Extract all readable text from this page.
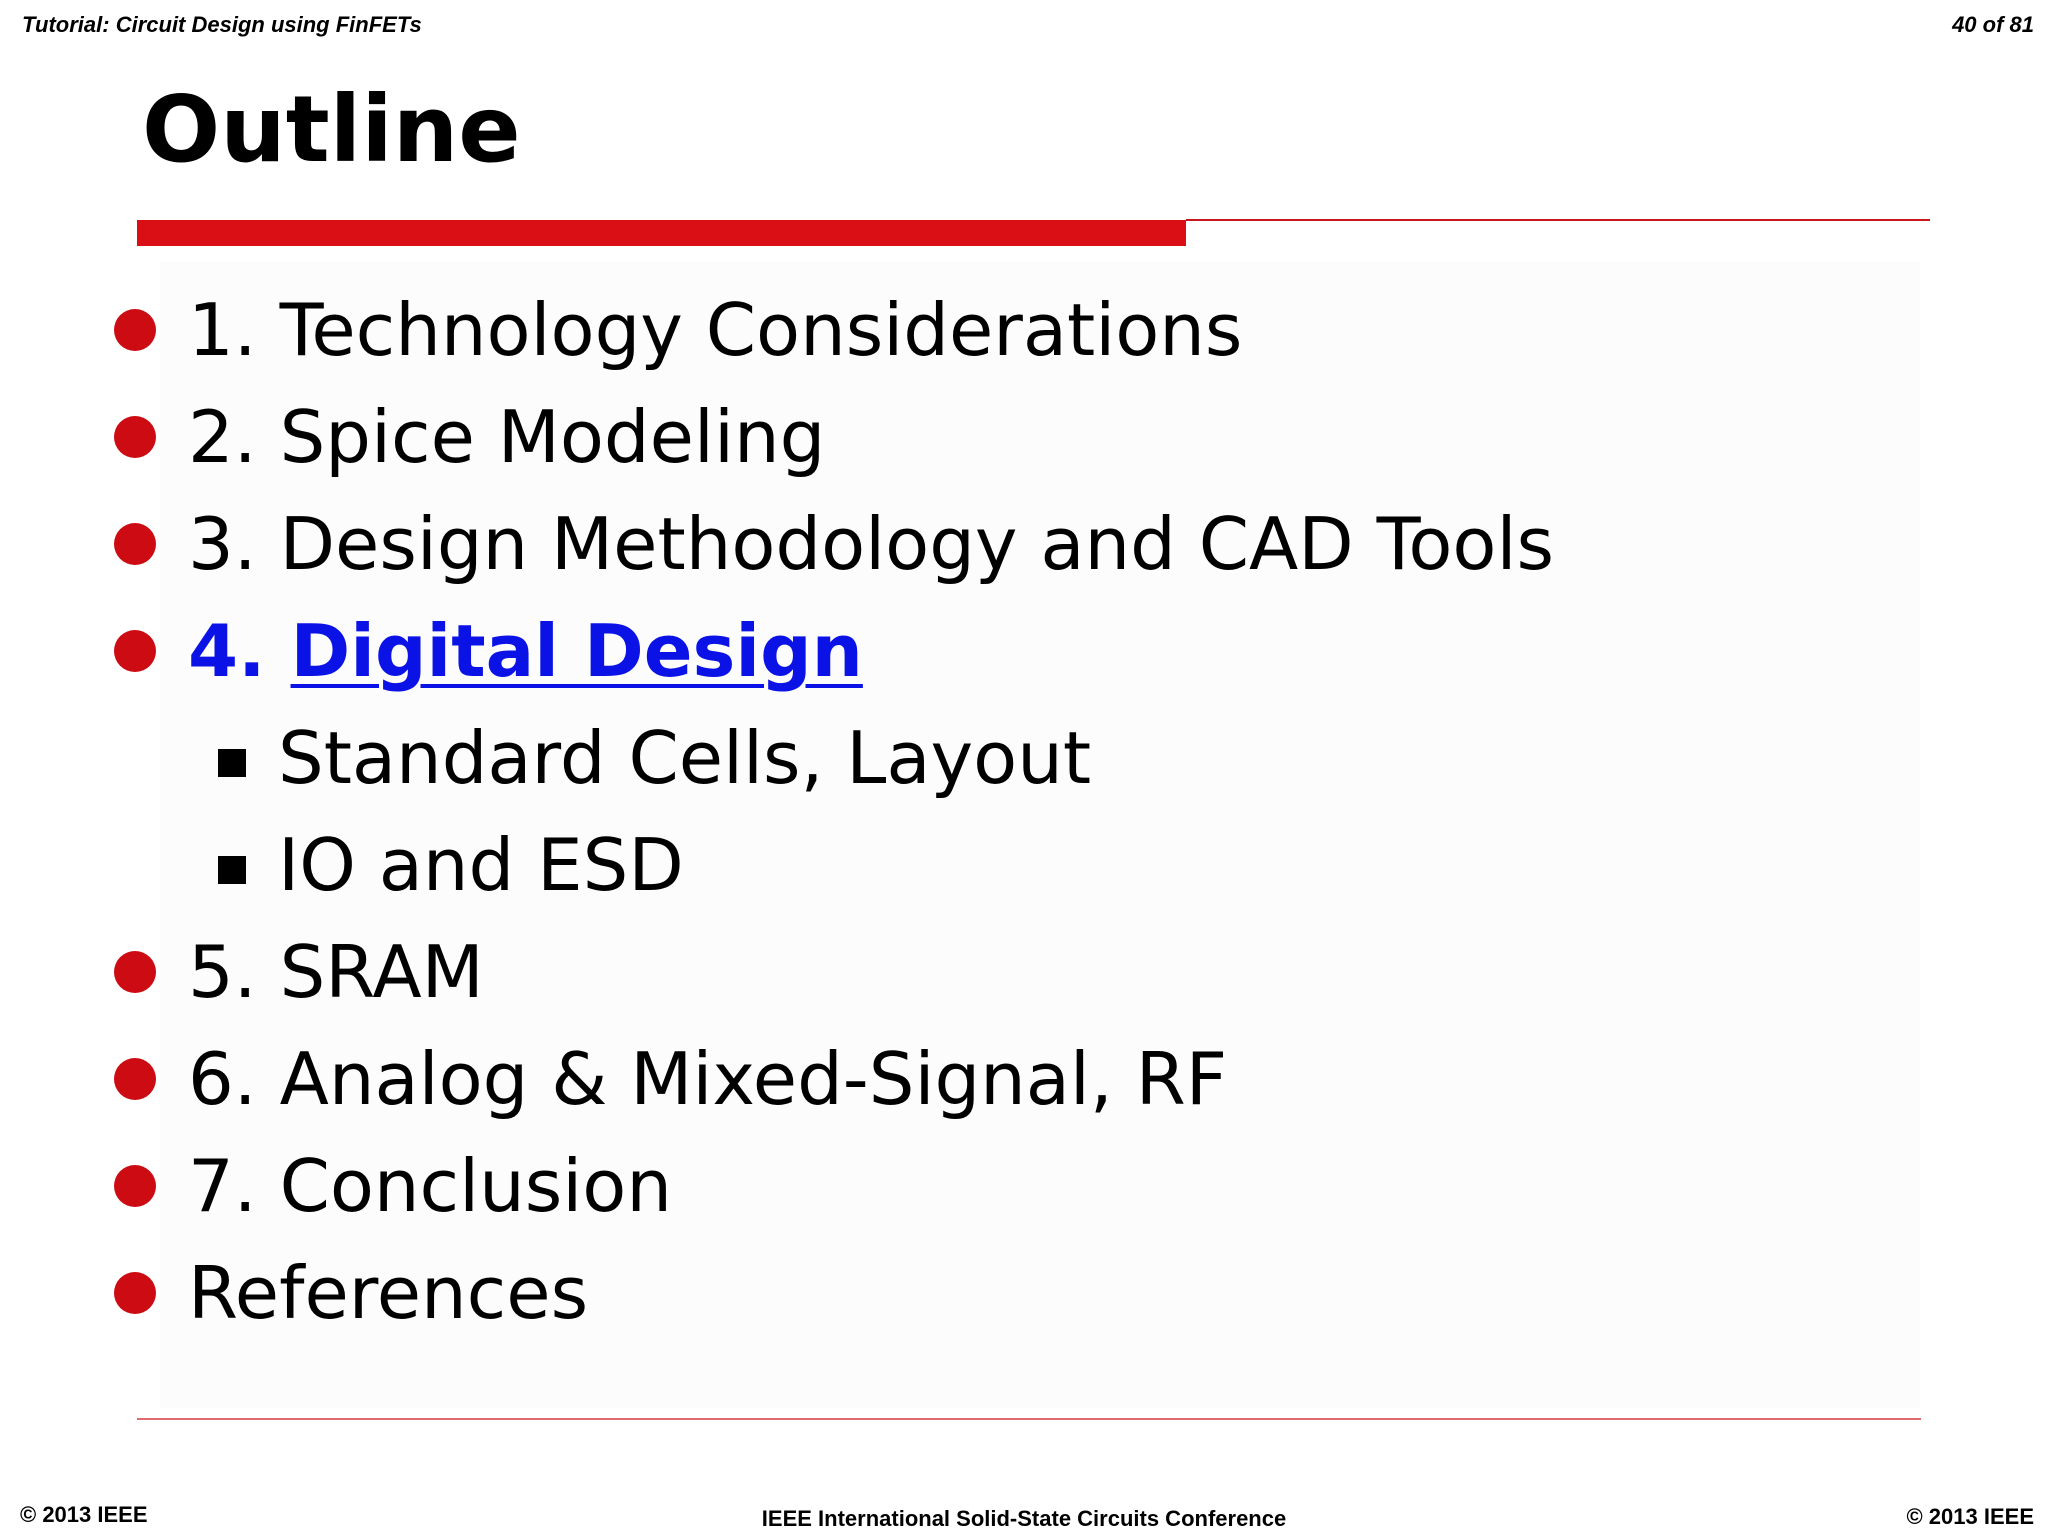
Tutorial: Circuit Design using FinFETs	40 of 81
Outline
1. Technology Considerations
2. Spice Modeling
3. Design Methodology and CAD Tools
4. Digital Design
Standard Cells, Layout
IO and ESD
5. SRAM
6. Analog & Mixed-Signal, RF
7. Conclusion
References
© 2013 IEEE	IEEE International Solid-State Circuits Conference	© 2013 IEEE
